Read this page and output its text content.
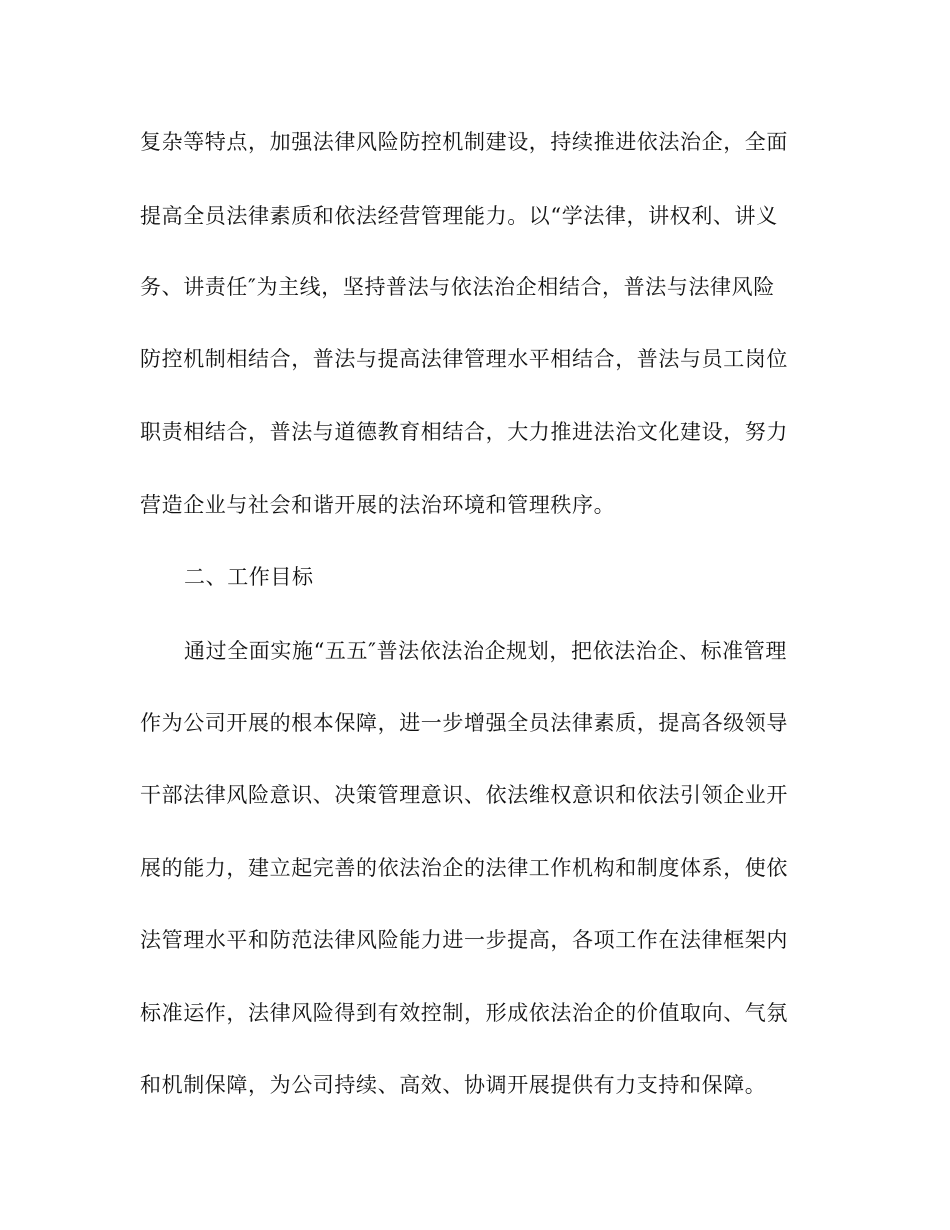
复杂等特点，加强法律风险防控机制建设，持续推进依法治企，全面

提高全员法律素质和依法经营管理能力。以“学法律，讲权利、讲义

务、讲责任″为主线，坚持普法与依法治企相结合，普法与法律风险

防控机制相结合，普法与提高法律管理水平相结合，普法与员工岗位

职责相结合，普法与道德教育相结合，大力推进法治文化建设，努力

营造企业与社会和谐开展的法治环境和管理秩序。

二、工作目标

通过全面实施“五五″普法依法治企规划，把依法治企、标准管理

作为公司开展的根本保障，进一步增强全员法律素质，提高各级领导

干部法律风险意识、决策管理意识、依法维权意识和依法引领企业开

展的能力，建立起完善的依法治企的法律工作机构和制度体系，使依

法管理水平和防范法律风险能力进一步提高，各项工作在法律框架内

标准运作，法律风险得到有效控制，形成依法治企的价值取向、气氛

和机制保障，为公司持续、高效、协调开展提供有力支持和保障。
